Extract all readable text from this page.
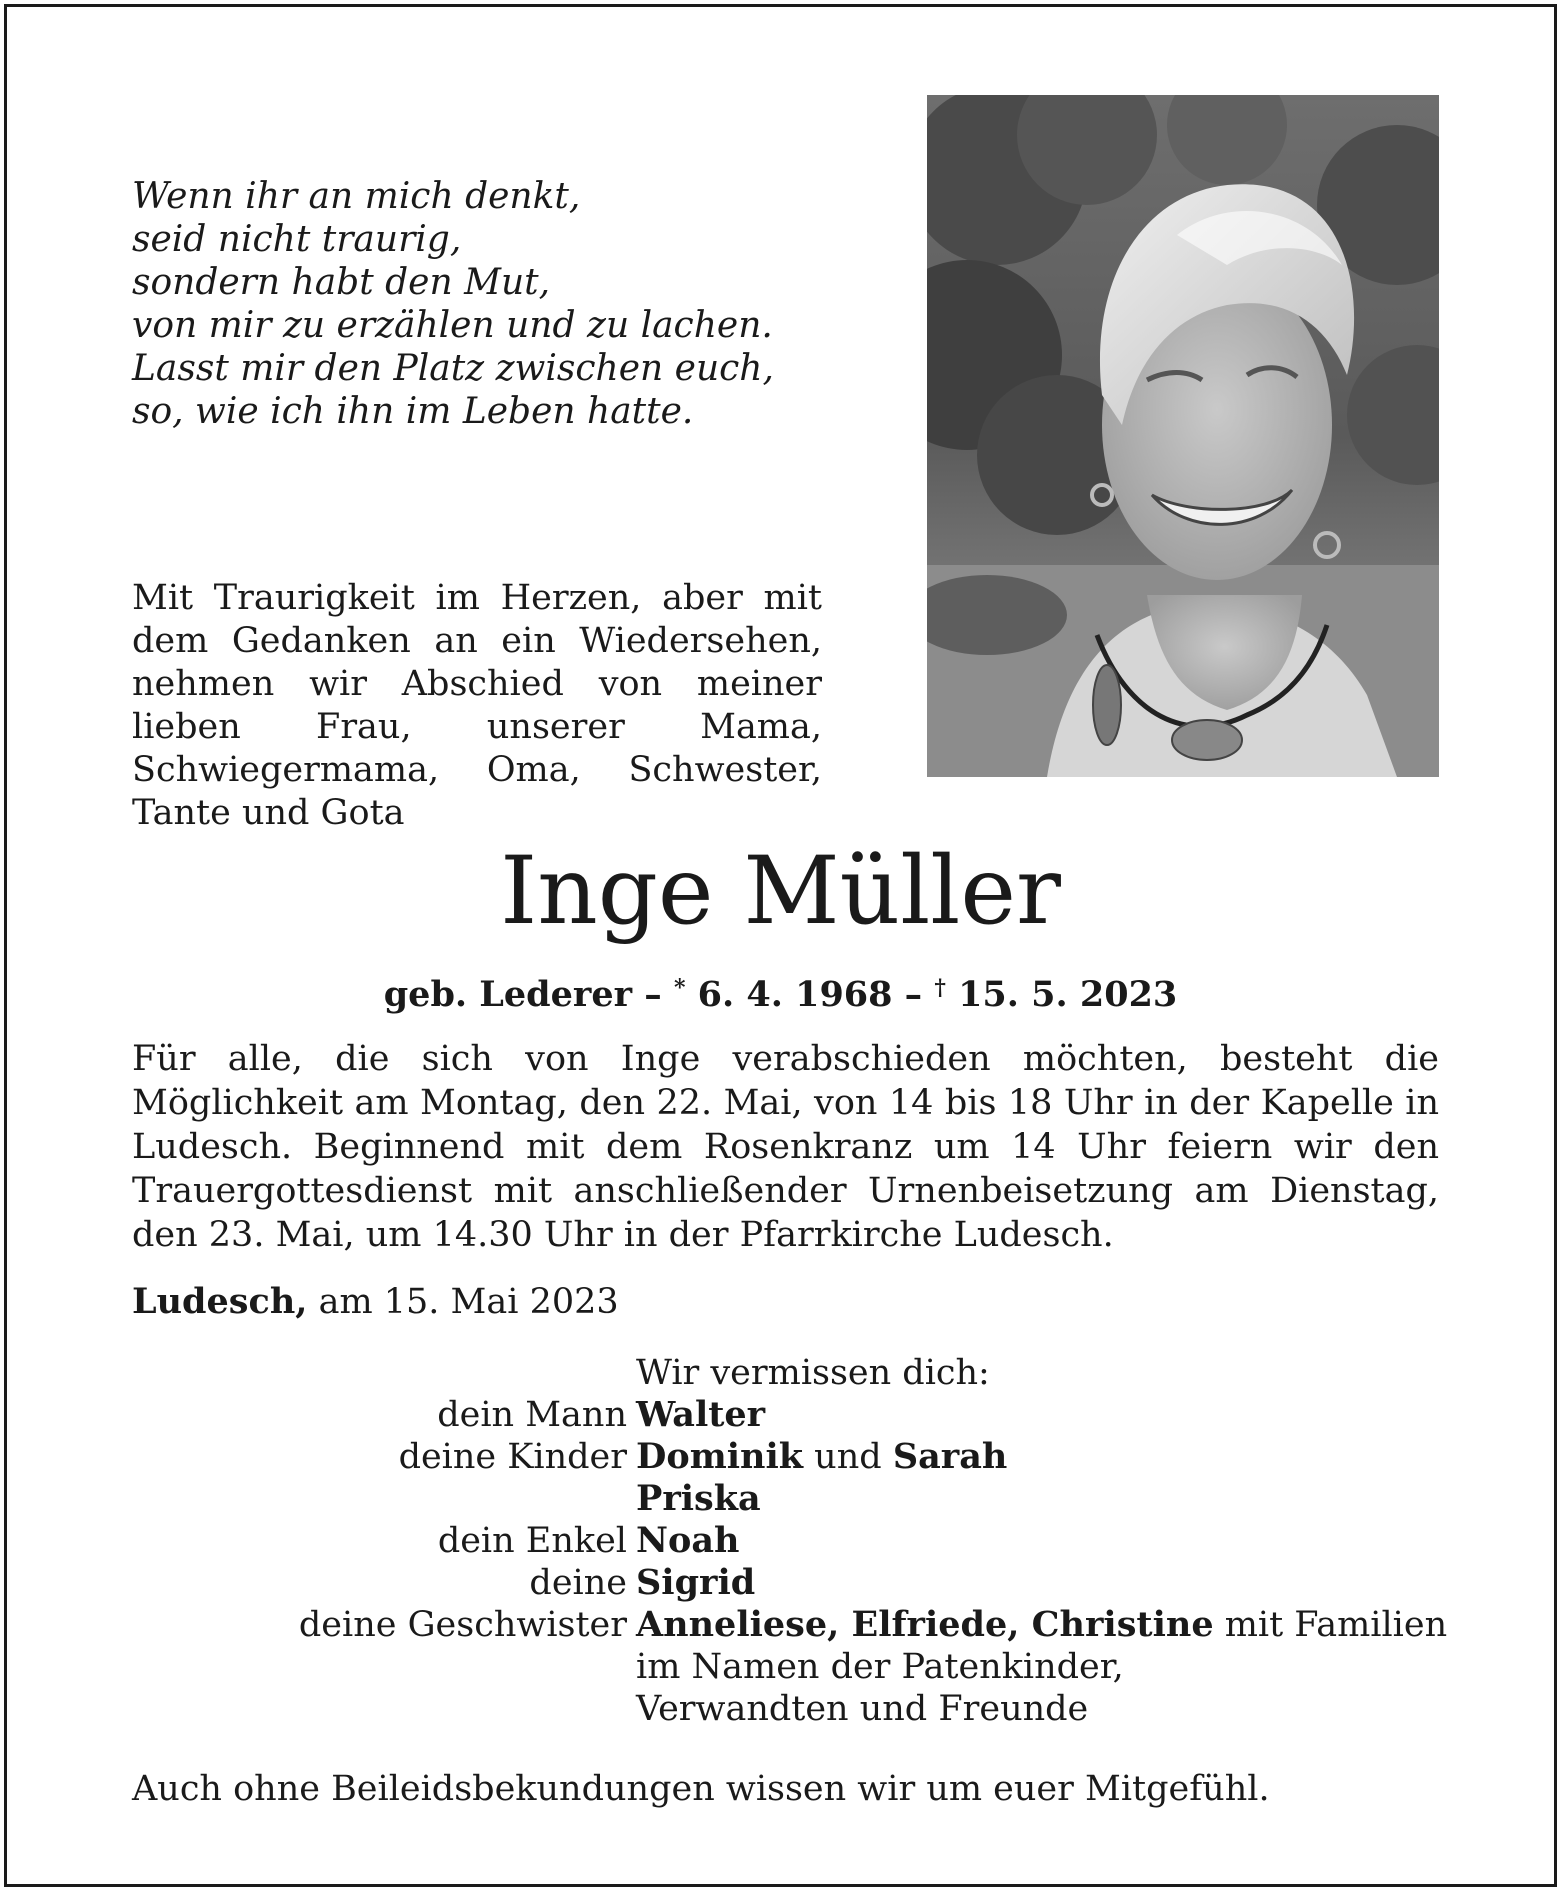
Wenn ihr an mich denkt,
seid nicht traurig,
sondern habt den Mut,
von mir zu erzählen und zu lachen.
Lasst mir den Platz zwischen euch,
so, wie ich ihn im Leben hatte.
Mit Traurigkeit im Herzen, aber mit dem Gedanken an ein Wiedersehen, nehmen wir Abschied von meiner lieben Frau, unserer Mama, Schwiegermama, Oma, Schwester, Tante und Gota
Inge Müller
geb. Lederer – * 6. 4. 1968 – † 15. 5. 2023
Für alle, die sich von Inge verabschieden möchten, besteht die Möglichkeit am Montag, den 22. Mai, von 14 bis 18 Uhr in der Kapelle in Ludesch. Beginnend mit dem Rosenkranz um 14 Uhr feiern wir den Trauergottesdienst mit anschließender Urnenbeisetzung am Dienstag, den 23. Mai, um 14.30 Uhr in der Pfarrkirche Ludesch.
Ludesch, am 15. Mai 2023
Wir vermissen dich:
dein Mann Walter
deine Kinder Dominik und Sarah
Priska
dein Enkel Noah
deine Sigrid
deine Geschwister Anneliese, Elfriede, Christine mit Familien
im Namen der Patenkinder,
Verwandten und Freunde
Auch ohne Beileidsbekundungen wissen wir um euer Mitgefühl.
